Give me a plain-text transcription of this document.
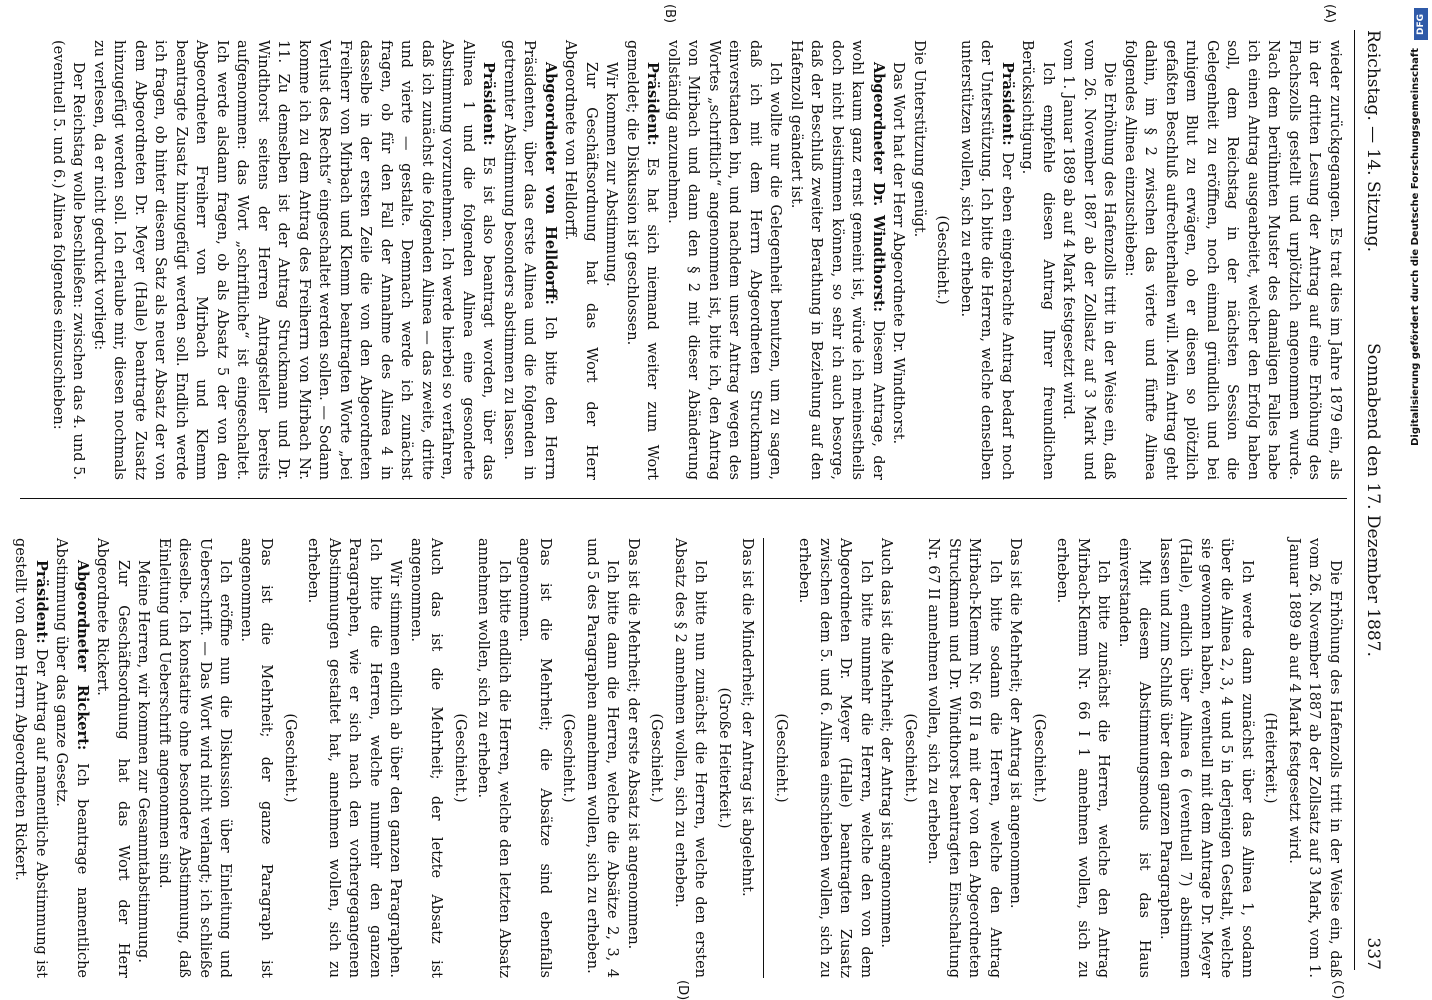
Reichstag. — 14. Sitzung.
Sonnabend den 17. Dezember 1887.
337
(A)
(B)
(C)
(D)

wieder zurückgegangen. Es trat dies im Jahre 1879 ein, als in der dritten Lesung der Antrag auf eine Erhöhung des Flachszolls gestellt und urplötzlich angenommen wurde. Nach dem berühmten Muster des damaligen Falles habe ich einen Antrag ausgearbeitet, welcher den Erfolg haben soll, dem Reichstag in der nächsten Session die Gelegenheit zu eröffnen, noch einmal gründlich und bei ruhigem Blut zu erwägen, ob er diesen so plötzlich gefaßten Beschluß aufrechterhalten will. Mein Antrag geht dahin, im § 2 zwischen das vierte und fünfte Alinea folgendes Alinea einzuschieben:

Die Erhöhung des Hafenzolls tritt in der Weise ein, daß vom 26. November 1887 ab der Zollsatz auf 3 Mark und vom 1. Januar 1889 ab auf 4 Mark festgesetzt wird.

Ich empfehle diesen Antrag Ihrer freundlichen Berücksichtigung.

Präsident: Der eben eingebrachte Antrag bedarf noch der Unterstützung. Ich bitte die Herren, welche denselben unterstützen wollen, sich zu erheben.

(Geschieht.)

Die Unterstützung genügt.

Das Wort hat der Herr Abgeordnete Dr. Windthorst.

Abgeordneter Dr. Windthorst: Diesem Antrage, der wohl kaum ganz ernst gemeint ist, würde ich meinestheils doch nicht beistimmen können, so sehr ich auch besorge, daß der Beschluß zweiter Berathung in Beziehung auf den Hafenzoll geändert ist.

Ich wollte nur die Gelegenheit benutzen, um zu sagen, daß ich mit dem Herrn Abgeordneten Struckmann einverstanden bin, und nachdem unser Antrag wegen des Wortes „schriftlich“ angenommen ist, bitte ich, den Antrag von Mirbach und dann den § 2 mit dieser Abänderung vollständig anzunehmen.

Präsident: Es hat sich niemand weiter zum Wort gemeldet; die Diskussion ist geschlossen.

Wir kommen zur Abstimmung.

Zur Geschäftsordnung hat das Wort der Herr Abgeordnete von Helldorff.

Abgeordneter von Helldorff: Ich bitte den Herrn Präsidenten, über das erste Alinea und die folgenden in getrennter Abstimmung besonders abstimmen zu lassen.

Präsident: Es ist also beantragt worden, über das Alinea 1 und die folgenden Alinea eine gesonderte Abstimmung vorzunehmen. Ich werde hierbei so verfahren, daß ich zunächst die folgenden Alinea — das zweite, dritte und vierte — gestalte. Demnach werde ich zunächst fragen, ob für den Fall der Annahme des Alinea 4 in dasselbe in der ersten Zeile die von den Abgeordneten Freiherr von Mirbach und Klemm beantragten Worte „bei Verlust des Rechts“ eingeschaltet werden sollen. — Sodann komme ich zu dem Antrag des Freiherrn von Mirbach Nr. 11. Zu demselben ist der Antrag Struckmann und Dr. Windthorst seitens der Herren Antragsteller bereits aufgenommen: das Wort „schriftliche“ ist eingeschaltet. Ich werde alsdann fragen, ob als Absatz 5 der von den Abgeordneten Freiherr von Mirbach und Klemm beantragte Zusatz hinzugefügt werden soll. Endlich werde ich fragen, ob hinter diesem Satz als neuer Absatz der von dem Abgeordneten Dr. Meyer (Halle) beantragte Zusatz hinzugefügt werden soll. Ich erlaube mir, diesen nochmals zu verlesen, da er nicht gedruckt vorliegt:

Der Reichstag wolle beschließen: zwischen das 4. und 5. (eventuell 5. und 6.) Alinea folgendes einzuschieben:

Die Erhöhung des Hafenzolls tritt in der Weise ein, daß vom 26. November 1887 ab der Zollsatz auf 3 Mark, vom 1. Januar 1889 ab auf 4 Mark festgesetzt wird.

(Heiterkeit.)

Ich werde dann zunächst über das Alinea 1, sodann über die Alinea 2, 3, 4 und 5 in derjenigen Gestalt, welche sie gewonnen haben, eventuell mit dem Antrage Dr. Meyer (Halle), endlich über Alinea 6 (eventuell 7) abstimmen lassen und zum Schluß über den ganzen Paragraphen.

Mit diesem Abstimmungsmodus ist das Haus einverstanden.

Ich bitte zunächst die Herren, welche den Antrag Mirbach-Klemm Nr. 66 I 1 annehmen wollen, sich zu erheben.

(Geschieht.)

Das ist die Mehrheit; der Antrag ist angenommen.

Ich bitte sodann die Herren, welche den Antrag Mirbach-Klemm Nr. 66 II a mit der von den Abgeordneten Struckmann und Dr. Windthorst beantragten Einschaltung Nr. 67 II annehmen wollen, sich zu erheben.

(Geschieht.)

Auch das ist die Mehrheit; der Antrag ist angenommen.

Ich bitte nunmehr die Herren, welche den von dem Abgeordneten Dr. Meyer (Halle) beantragten Zusatz zwischen dem 5. und 6. Alinea einschieben wollen, sich zu erheben.

(Geschieht.)

Das ist die Minderheit; der Antrag ist abgelehnt.

(Große Heiterkeit.)

Ich bitte nun zunächst die Herren, welche den ersten Absatz des § 2 annehmen wollen, sich zu erheben.

(Geschieht.)

Das ist die Mehrheit; der erste Absatz ist angenommen.

Ich bitte dann die Herren, welche die Absätze 2, 3, 4 und 5 des Paragraphen annehmen wollen, sich zu erheben.

(Geschieht.)

Das ist die Mehrheit; die Absätze sind ebenfalls angenommen.

Ich bitte endlich die Herren, welche den letzten Absatz annehmen wollen, sich zu erheben.

(Geschieht.)

Auch das ist die Mehrheit; der letzte Absatz ist angenommen.

Wir stimmen endlich ab über den ganzen Paragraphen. Ich bitte die Herren, welche nunmehr den ganzen Paragraphen, wie er sich nach den vorhergegangenen Abstimmungen gestaltet hat, annehmen wollen, sich zu erheben.

(Geschieht.)

Das ist die Mehrheit; der ganze Paragraph ist angenommen.

Ich eröffne nun die Diskussion über Einleitung und Ueberschrift. — Das Wort wird nicht verlangt; ich schließe dieselbe. Ich konstatire ohne besondere Abstimmung, daß Einleitung und Ueberschrift angenommen sind.

Meine Herren, wir kommen zur Gesammtabstimmung.

Zur Geschäftsordnung hat das Wort der Herr Abgeordnete Rickert.

Abgeordneter Rickert: Ich beantrage namentliche Abstimmung über das ganze Gesetz.

Präsident: Der Antrag auf namentliche Abstimmung ist gestellt von dem Herrn Abgeordneten Rickert.

DFG
Digitalisierung gefördert durch die Deutsche Forschungsgemeinschaft
